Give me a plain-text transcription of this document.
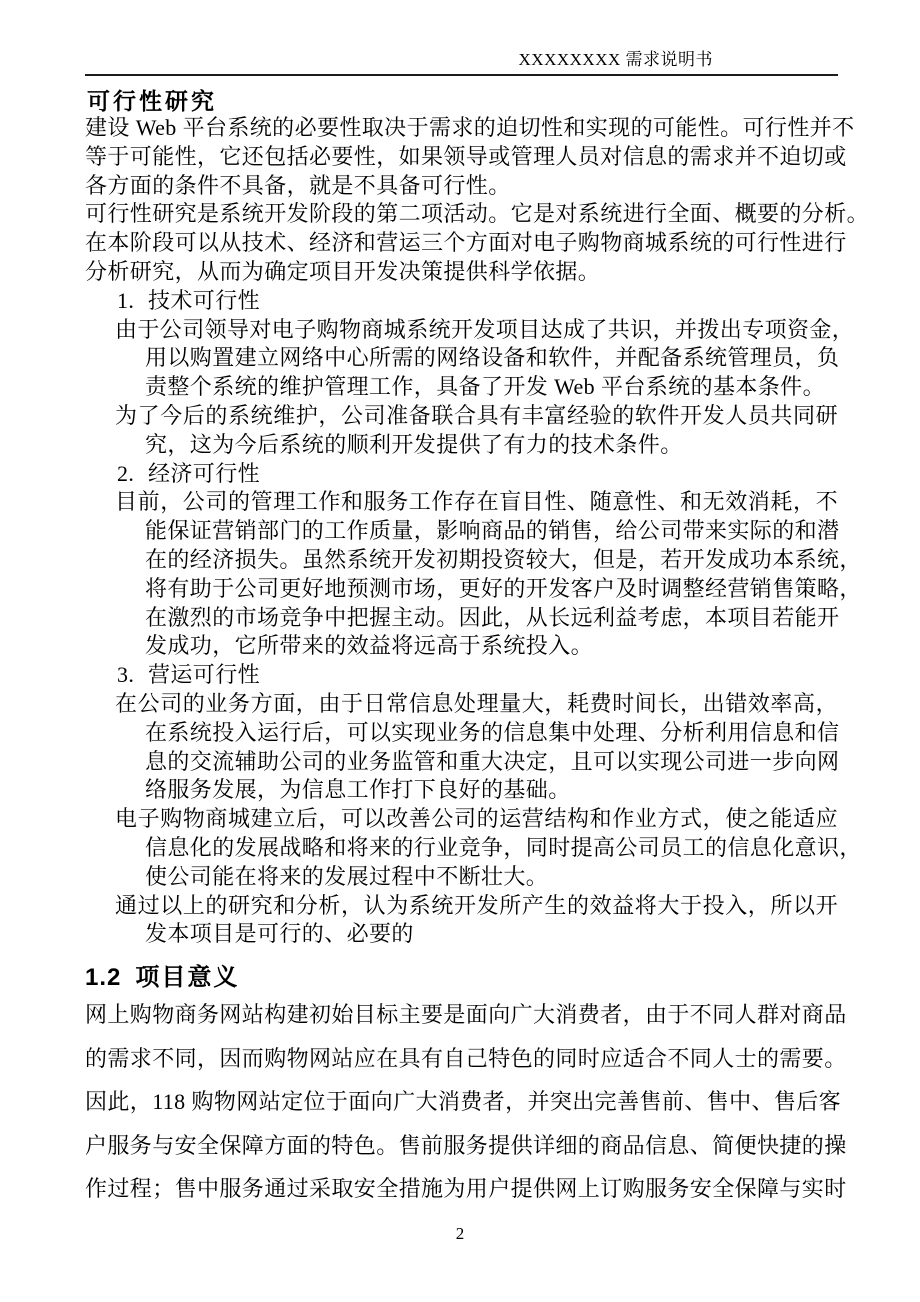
XXXXXXXX 需求说明书
可行性研究
建设 Web 平台系统的必要性取决于需求的迫切性和实现的可能性。可行性并不
等于可能性，它还包括必要性，如果领导或管理人员对信息的需求并不迫切或
各方面的条件不具备，就是不具备可行性。
可行性研究是系统开发阶段的第二项活动。它是对系统进行全面、概要的分析。
在本阶段可以从技术、经济和营运三个方面对电子购物商城系统的可行性进行
分析研究，从而为确定项目开发决策提供科学依据。
1. 技术可行性
由于公司领导对电子购物商城系统开发项目达成了共识，并拨出专项资金，
用以购置建立网络中心所需的网络设备和软件，并配备系统管理员，负
责整个系统的维护管理工作，具备了开发 Web 平台系统的基本条件。
为了今后的系统维护，公司准备联合具有丰富经验的软件开发人员共同研
究，这为今后系统的顺利开发提供了有力的技术条件。
2. 经济可行性
目前，公司的管理工作和服务工作存在盲目性、随意性、和无效消耗，不
能保证营销部门的工作质量，影响商品的销售，给公司带来实际的和潜
在的经济损失。虽然系统开发初期投资较大，但是，若开发成功本系统，
将有助于公司更好地预测市场，更好的开发客户及时调整经营销售策略，
在激烈的市场竞争中把握主动。因此，从长远利益考虑，本项目若能开
发成功，它所带来的效益将远高于系统投入。
3. 营运可行性
在公司的业务方面，由于日常信息处理量大，耗费时间长，出错效率高，
在系统投入运行后，可以实现业务的信息集中处理、分析利用信息和信
息的交流辅助公司的业务监管和重大决定，且可以实现公司进一步向网
络服务发展，为信息工作打下良好的基础。
电子购物商城建立后，可以改善公司的运营结构和作业方式，使之能适应
信息化的发展战略和将来的行业竞争，同时提高公司员工的信息化意识，
使公司能在将来的发展过程中不断壮大。
通过以上的研究和分析，认为系统开发所产生的效益将大于投入，所以开
发本项目是可行的、必要的
1.2 项目意义
网上购物商务网站构建初始目标主要是面向广大消费者，由于不同人群对商品
的需求不同，因而购物网站应在具有自己特色的同时应适合不同人士的需要。
因此，118 购物网站定位于面向广大消费者，并突出完善售前、售中、售后客
户服务与安全保障方面的特色。售前服务提供详细的商品信息、简便快捷的操
作过程；售中服务通过采取安全措施为用户提供网上订购服务安全保障与实时
2
